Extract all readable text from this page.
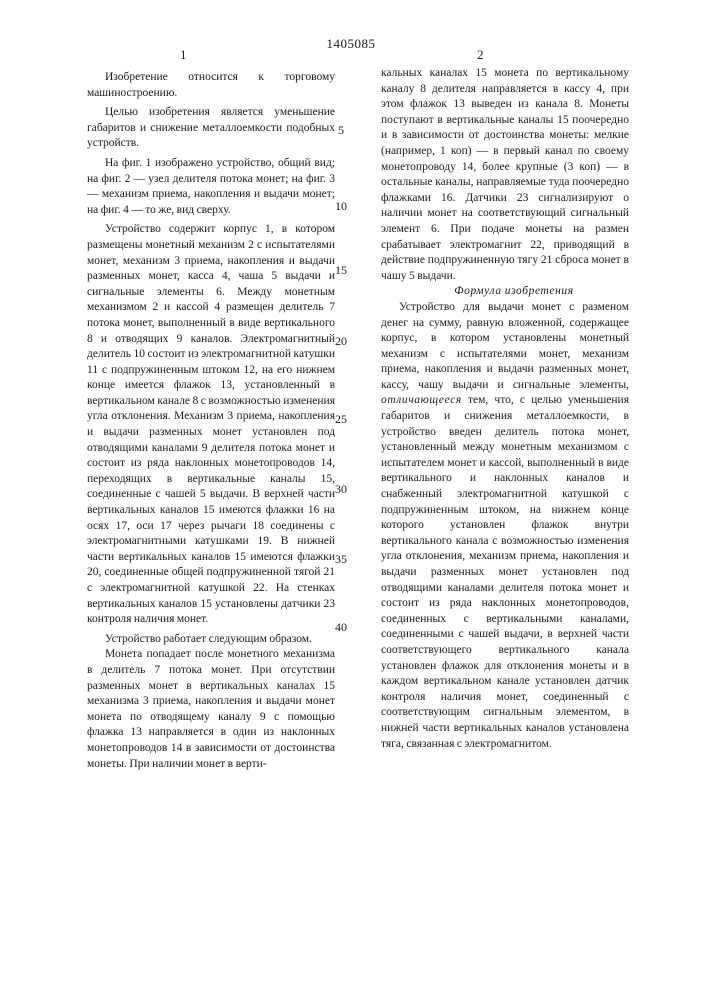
1405085
1	2

Изобретение относится к торговому машиностроению.

Целью изобретения является уменьшение габаритов и снижение металлоемкости подобных устройств.

На фиг. 1 изображено устройство, общий вид; на фиг. 2 — узел делителя потока монет; на фиг. 3 — механизм приема, накопления и выдачи монет; на фиг. 4 — то же, вид сверху.

Устройство содержит корпус 1, в котором размещены монетный механизм 2 с испытателями монет, механизм 3 приема, накопления и выдачи разменных монет, касса 4, чаша 5 выдачи и сигнальные элементы 6. Между монетным механизмом 2 и кассой 4 размещен делитель 7 потока монет, выполненный в виде вертикального 8 и отводящих 9 каналов. Электромагнитный делитель 10 состоит из электромагнитной катушки 11 с подпружиненным штоком 12, на его нижнем конце имеется флажок 13, установленный в вертикальном канале 8 с возможностью изменения угла отклонения. Механизм 3 приема, накопления и выдачи разменных монет установлен под отводящими каналами 9 делителя потока монет и состоит из ряда наклонных монетопроводов 14, переходящих в вертикальные каналы 15, соединенные с чашей 5 выдачи. В верхней части вертикальных каналов 15 имеются флажки 16 на осях 17, оси 17 через рычаги 18 соединены с электромагнитными катушками 19. В нижней части вертикальных каналов 15 имеются флажки 20, соединенные общей подпружиненной тягой 21 с электромагнитной катушкой 22. На стенках вертикальных каналов 15 установлены датчики 23 контроля наличия монет.

Устройство работает следующим образом.

Монета попадает после монетного механизма в делитель 7 потока монет. При отсутствии разменных монет в вертикальных каналах 15 механизма 3 приема, накопления и выдачи монет монета по отводящему каналу 9 с помощью флажка 13 направляется в один из наклонных монетопроводов 14 в зависимости от достоинства монеты. При наличии монет в верти-

5
10
15
20
25
30
35
40

кальных каналах 15 монета по вертикальному каналу 8 делителя направляется в кассу 4, при этом флажок 13 выведен из канала 8. Монеты поступают в вертикальные каналы 15 поочередно и в зависимости от достоинства монеты: мелкие (например, 1 коп) — в первый канал по своему монетопроводу 14, более крупные (3 коп) — в остальные каналы, направляемые туда поочередно флажками 16. Датчики 23 сигнализируют о наличии монет на соответствующий сигнальный элемент 6. При подаче монеты на размен срабатывает электромагнит 22, приводящий в действие подпружиненную тягу 21 сброса монет в чашу 5 выдачи.

Формула изобретения

Устройство для выдачи монет с разменом денег на сумму, равную вложенной, содержащее корпус, в котором установлены монетный механизм с испытателями монет, механизм приема, накопления и выдачи разменных монет, кассу, чашу выдачи и сигнальные элементы, отличающееся тем, что, с целью уменьшения габаритов и снижения металлоемкости, в устройство введен делитель потока монет, установленный между монетным механизмом с испытателем монет и кассой, выполненный в виде вертикального и наклонных каналов и снабженный электромагнитной катушкой с подпружиненным штоком, на нижнем конце которого установлен флажок внутри вертикального канала с возможностью изменения угла отклонения, механизм приема, накопления и выдачи разменных монет установлен под отводящими каналами делителя потока монет и состоит из ряда наклонных монетопроводов, соединенных с вертикальными каналами, соединенными с чашей выдачи, в верхней части соответствующего вертикального канала установлен флажок для отклонения монеты и в каждом вертикальном канале установлен датчик контроля наличия монет, соединенный с соответствующим сигнальным элементом, в нижней части вертикальных каналов установлена тяга, связанная с электромагнитом.
